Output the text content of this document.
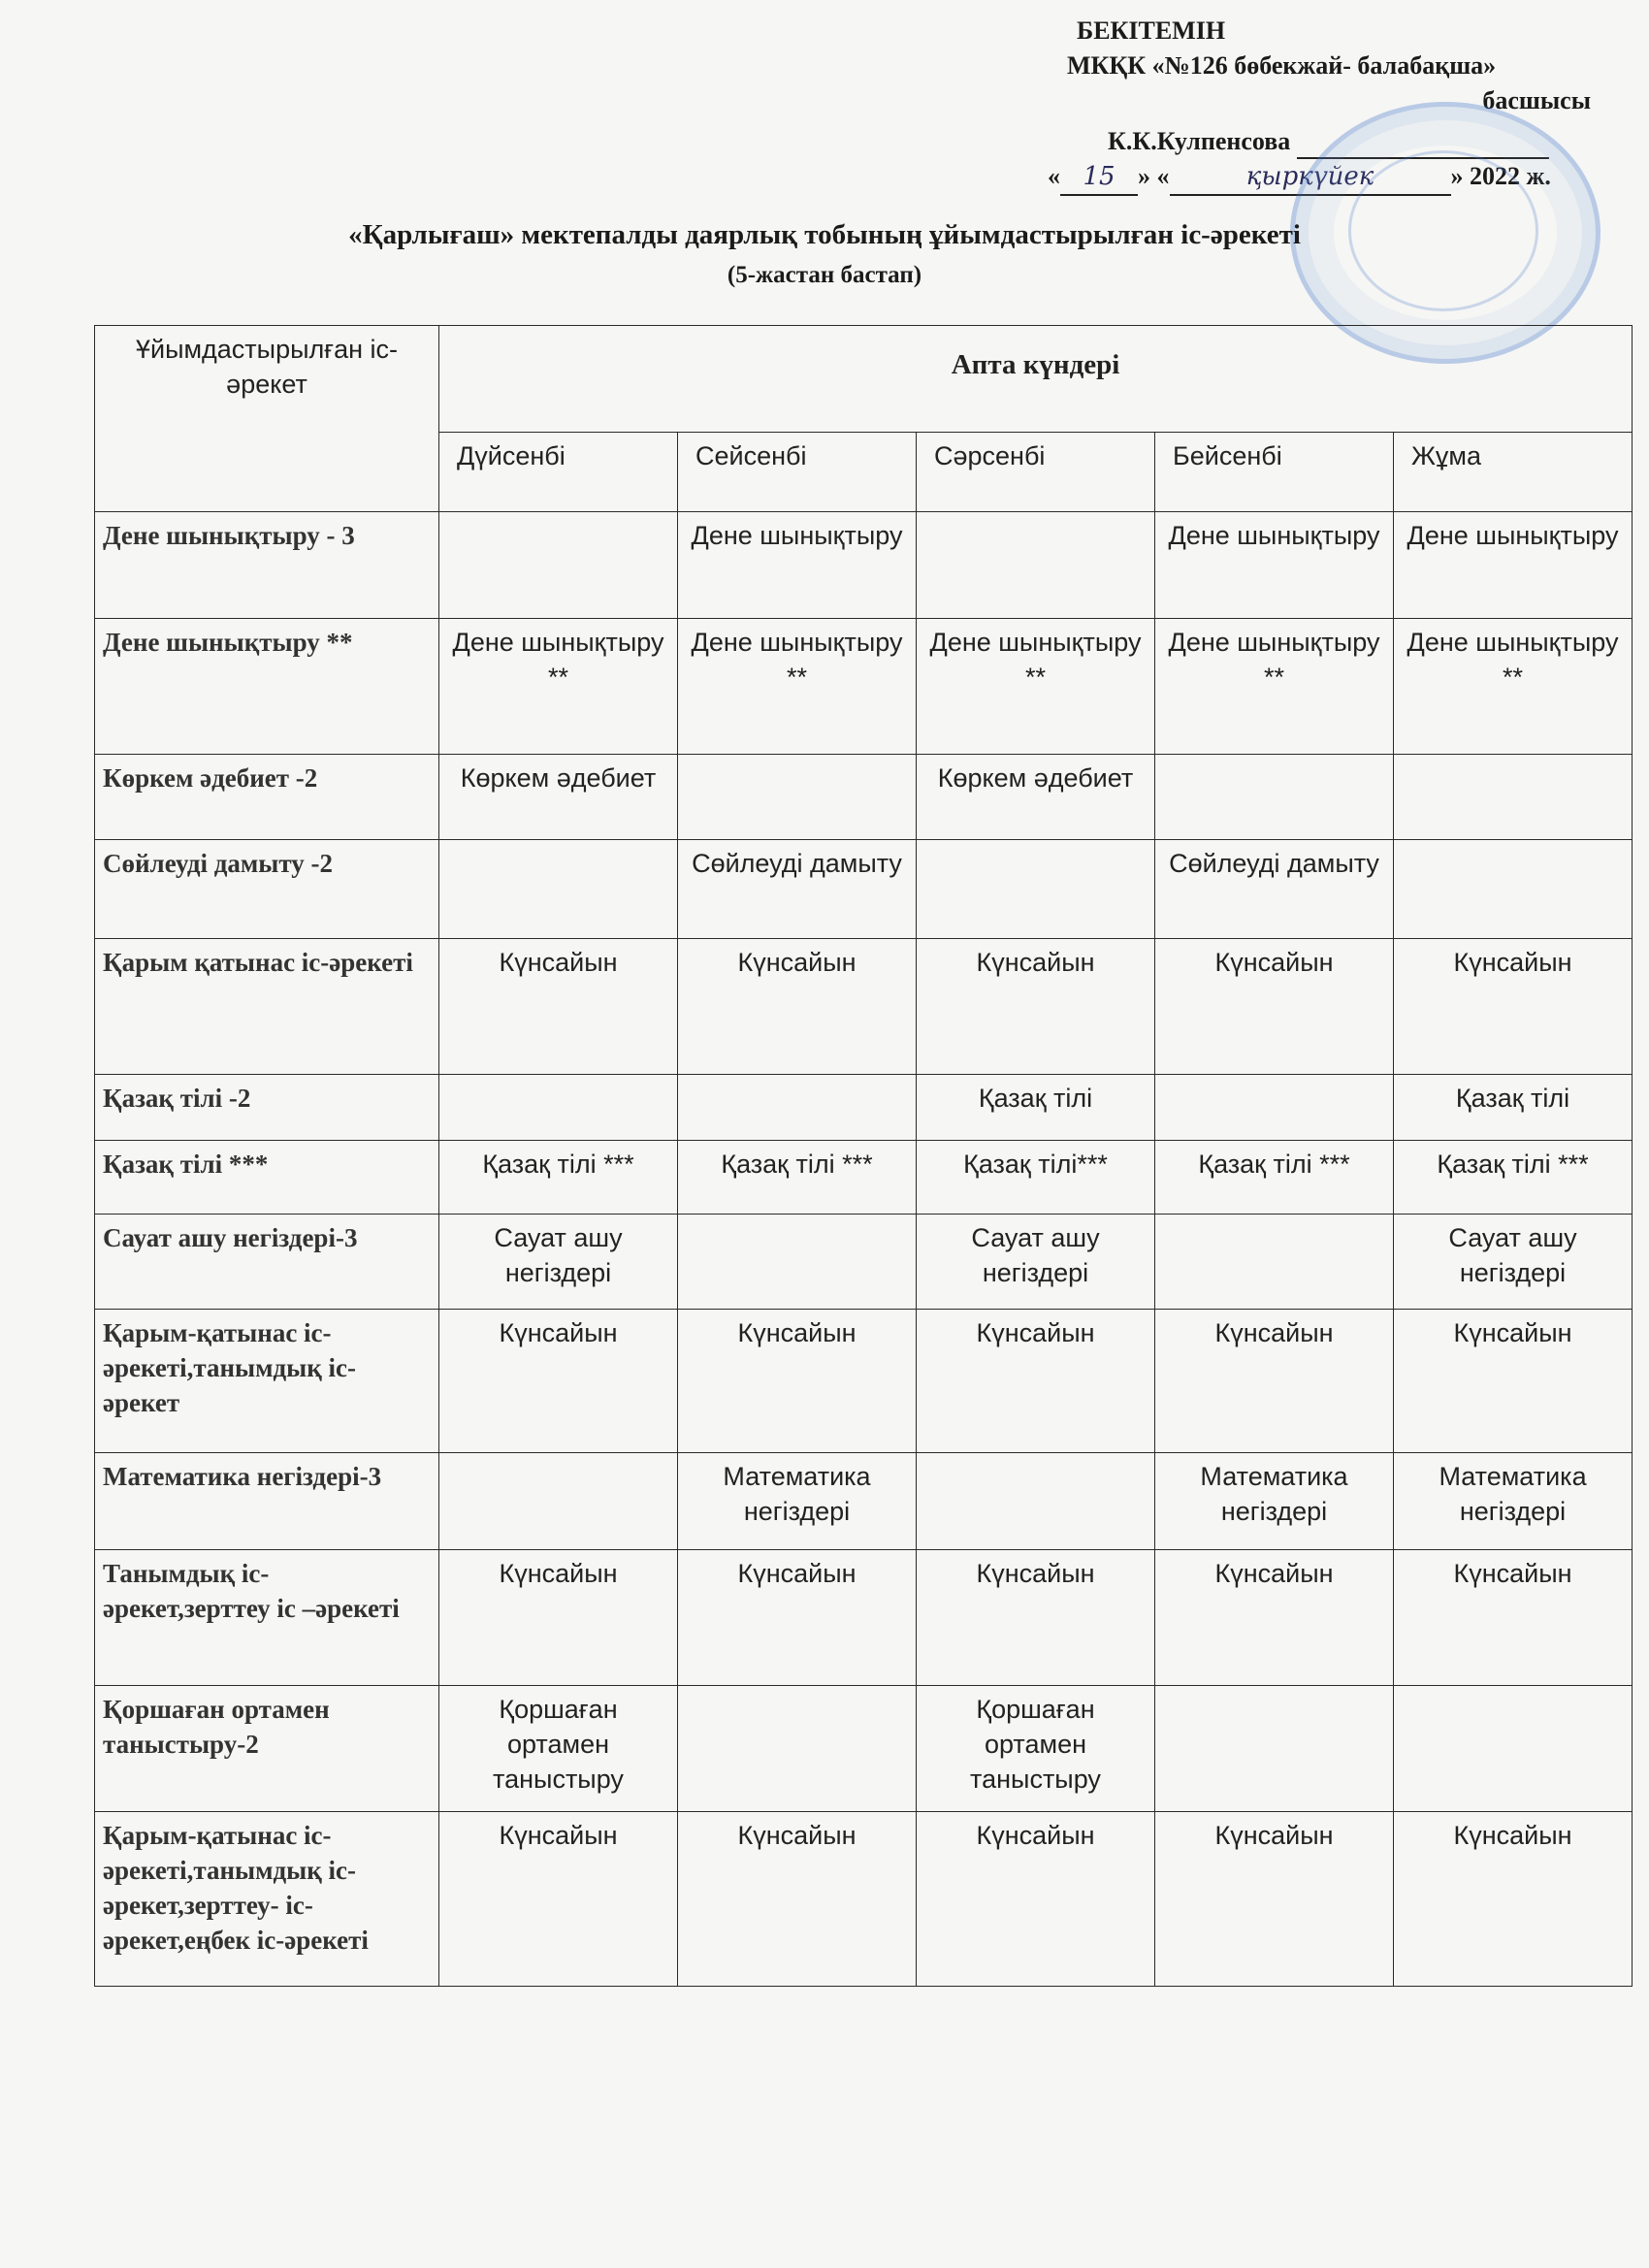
БЕКІТЕМІН
МКҚК «№126 бөбекжай- балабақша»
басшысы
К.К.Кулпенсова
« 15 » «	қыркүйек	» 2022 ж.
«Қарлығаш» мектепалды даярлық тобының ұйымдастырылған іс-әрекеті
(5-жастан бастап)
Ұйымдастырылған іс-әрекет	Апта күндері				
	Дүйсенбі	Сейсенбі	Сәрсенбі	Бейсенбі	Жұма
Дене шынықтыру - 3		Дене шынықтыру		Дене шынықтыру	Дене шынықтыру
Дене шынықтыру **	Дене шынықтыру **	Дене шынықтыру **	Дене шынықтыру **	Дене шынықтыру **	Дене шынықтыру **
Көркем әдебиет -2	Көркем әдебиет		Көркем әдебиет		
Сөйлеуді дамыту -2		Сөйлеуді дамыту		Сөйлеуді дамыту	
Қарым қатынас іс-әрекеті	Күнсайын	Күнсайын	Күнсайын	Күнсайын	Күнсайын
Қазақ тілі -2			Қазақ тілі		Қазақ тілі
Қазақ тілі ***	Қазақ тілі ***	Қазақ тілі ***	Қазақ тілі***	Қазақ тілі ***	Қазақ тілі ***
Сауат ашу негіздері-3	Сауат ашу негіздері		Сауат ашу негіздері		Сауат ашу негіздері
Қарым-қатынас іс-әрекеті,танымдық іс-әрекет	Күнсайын	Күнсайын	Күнсайын	Күнсайын	Күнсайын
Математика негіздері-3		Математика негіздері		Математика негіздері	Математика негіздері
Танымдық іс-әрекет,зерттеу іс –әрекеті	Күнсайын	Күнсайын	Күнсайын	Күнсайын	Күнсайын
Қоршаған ортамен таныстыру-2	Қоршаған ортамен таныстыру		Қоршаған ортамен таныстыру		
Қарым-қатынас іс-әрекеті,танымдық іс-әрекет,зерттеу- іс-әрекет,еңбек іс-әрекеті	Күнсайын	Күнсайын	Күнсайын	Күнсайын	Күнсайын
